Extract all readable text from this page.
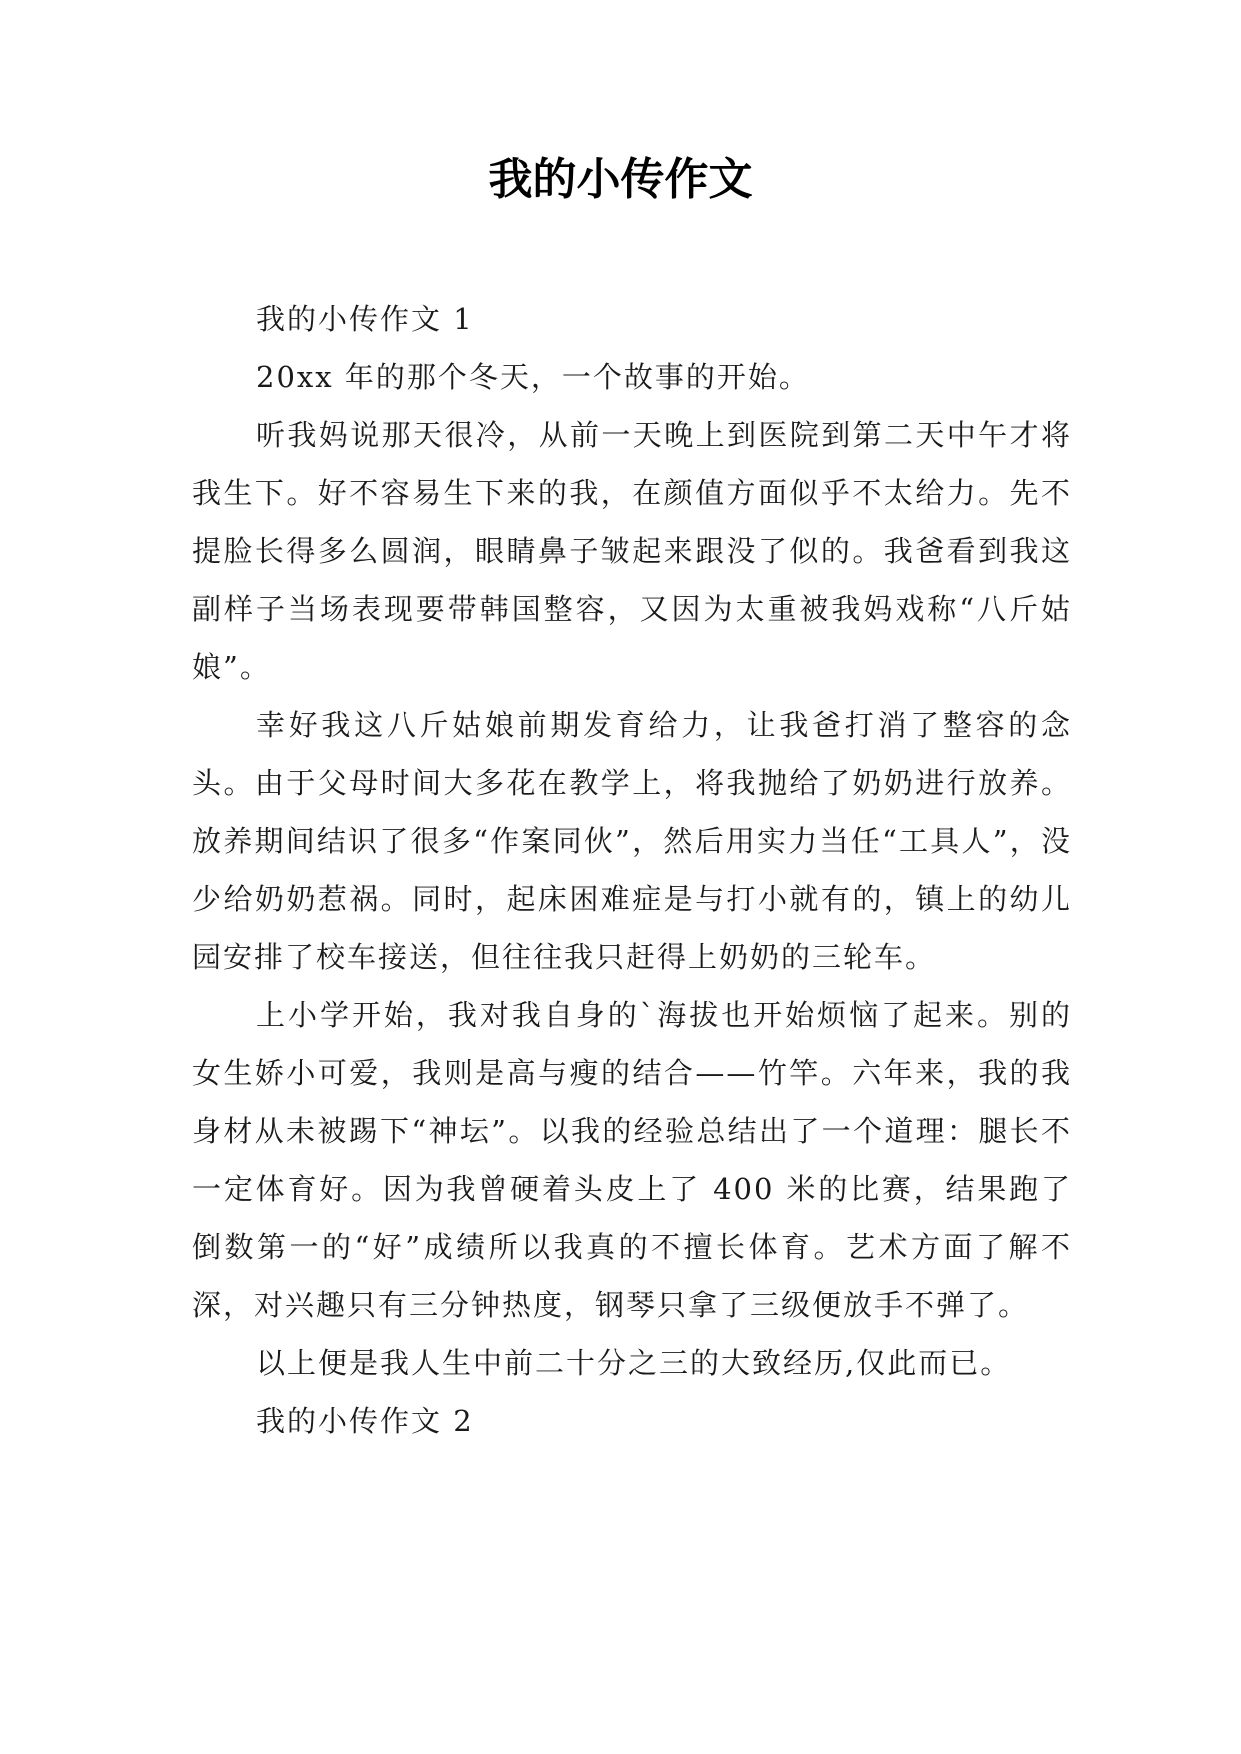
我的小传作文

我的小传作文 1

20xx 年的那个冬天，一个故事的开始。

听我妈说那天很冷，从前一天晚上到医院到第二天中午才将我生下。好不容易生下来的我，在颜值方面似乎不太给力。先不提脸长得多么圆润，眼睛鼻子皱起来跟没了似的。我爸看到我这副样子当场表现要带韩国整容，又因为太重被我妈戏称“八斤姑娘”。

幸好我这八斤姑娘前期发育给力，让我爸打消了整容的念头。由于父母时间大多花在教学上，将我抛给了奶奶进行放养。放养期间结识了很多“作案同伙”，然后用实力当任“工具人”，没少给奶奶惹祸。同时，起床困难症是与打小就有的，镇上的幼儿园安排了校车接送，但往往我只赶得上奶奶的三轮车。

上小学开始，我对我自身的`海拔也开始烦恼了起来。别的女生娇小可爱，我则是高与瘦的结合——竹竿。六年来，我的我身材从未被踢下“神坛”。以我的经验总结出了一个道理：腿长不一定体育好。因为我曾硬着头皮上了 400 米的比赛，结果跑了倒数第一的“好”成绩所以我真的不擅长体育。艺术方面了解不深，对兴趣只有三分钟热度，钢琴只拿了三级便放手不弹了。

以上便是我人生中前二十分之三的大致经历,仅此而已。

我的小传作文 2
